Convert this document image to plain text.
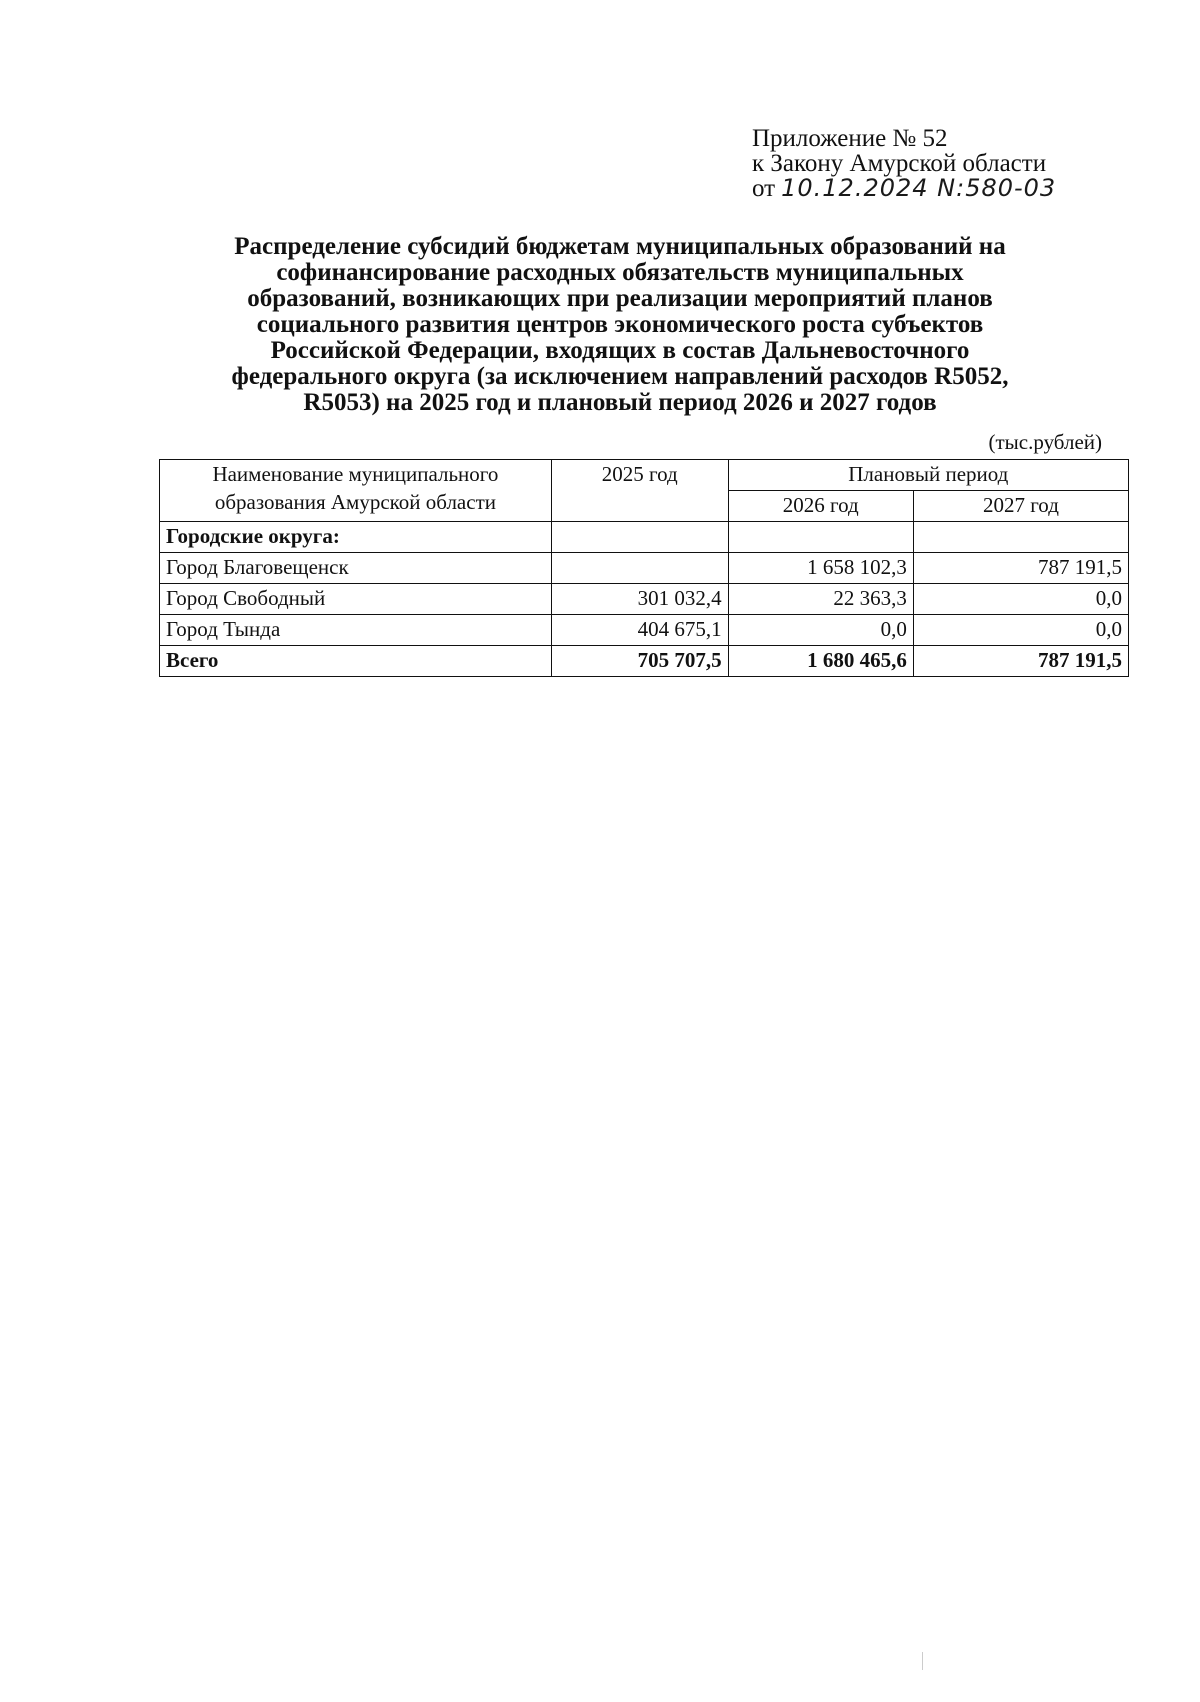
Приложение № 52
к Закону Амурской области
от 10.12.2024 N:580-03
Распределение субсидий бюджетам муниципальных образований на
софинансирование расходных обязательств муниципальных
образований, возникающих при реализации мероприятий планов
социального развития центров экономического роста субъектов
Российской Федерации, входящих в состав Дальневосточного
федерального округа (за исключением направлений расходов R5052,
R5053) на 2025 год и плановый период 2026 и 2027 годов
(тыс.рублей)
Наименование муниципального образования Амурской области	2025 год	Плановый период	
		2026 год	2027 год
Городские округа:			
Город Благовещенск		1 658 102,3	787 191,5
Город Свободный	301 032,4	22 363,3	0,0
Город Тында	404 675,1	0,0	0,0
Всего	705 707,5	1 680 465,6	787 191,5
